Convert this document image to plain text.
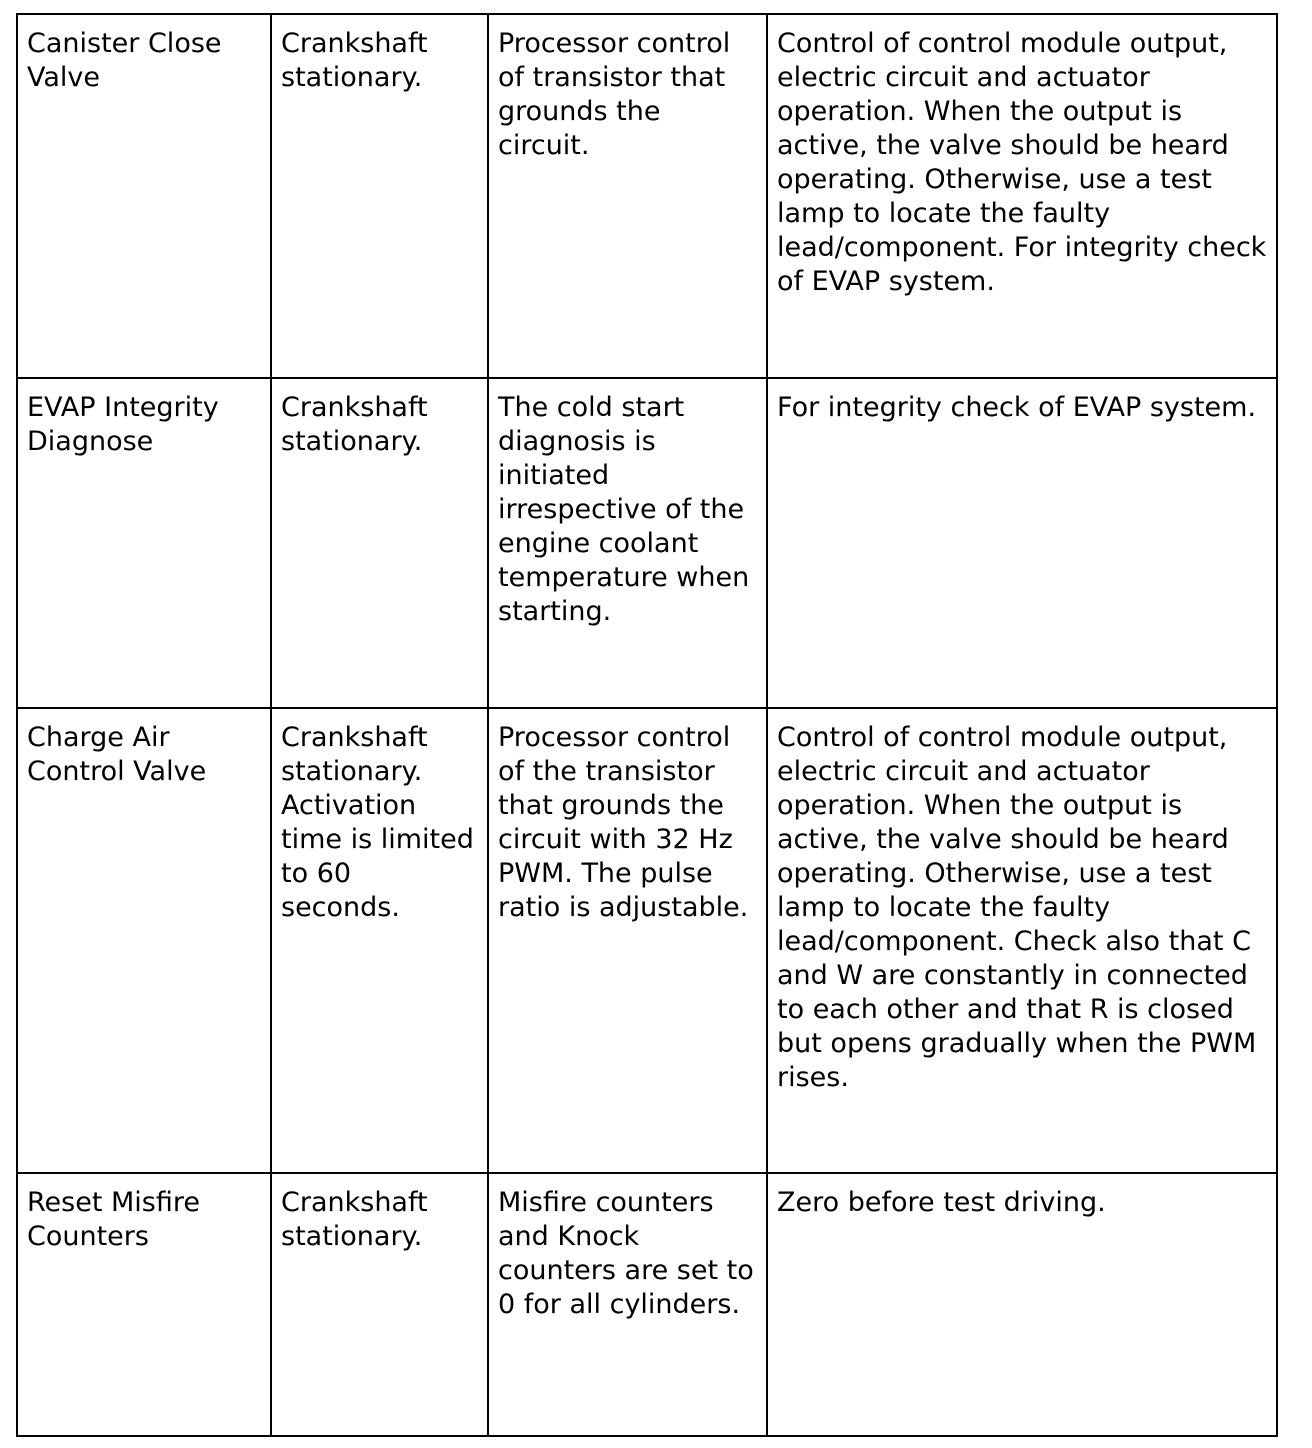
Canister Close Valve	Crankshaft stationary.	Processor control of transistor that grounds the circuit.	Control of control module output, electric circuit and actuator operation. When the output is active, the valve should be heard operating. Otherwise, use a test lamp to locate the faulty lead/component. For integrity check of EVAP system.

EVAP Integrity Diagnose	Crankshaft stationary.	The cold start diagnosis is initiated irrespective of the engine coolant temperature when starting.	For integrity check of EVAP system.

Charge Air Control Valve	Crankshaft stationary. Activation time is limited to 60 seconds.	Processor control of the transistor that grounds the circuit with 32 Hz PWM. The pulse ratio is adjustable.	Control of control module output, electric circuit and actuator operation. When the output is active, the valve should be heard operating. Otherwise, use a test lamp to locate the faulty lead/component. Check also that C and W are constantly in connected to each other and that R is closed but opens gradually when the PWM rises.

Reset Misfire Counters	Crankshaft stationary.	Misfire counters and Knock counters are set to 0 for all cylinders.	Zero before test driving.
